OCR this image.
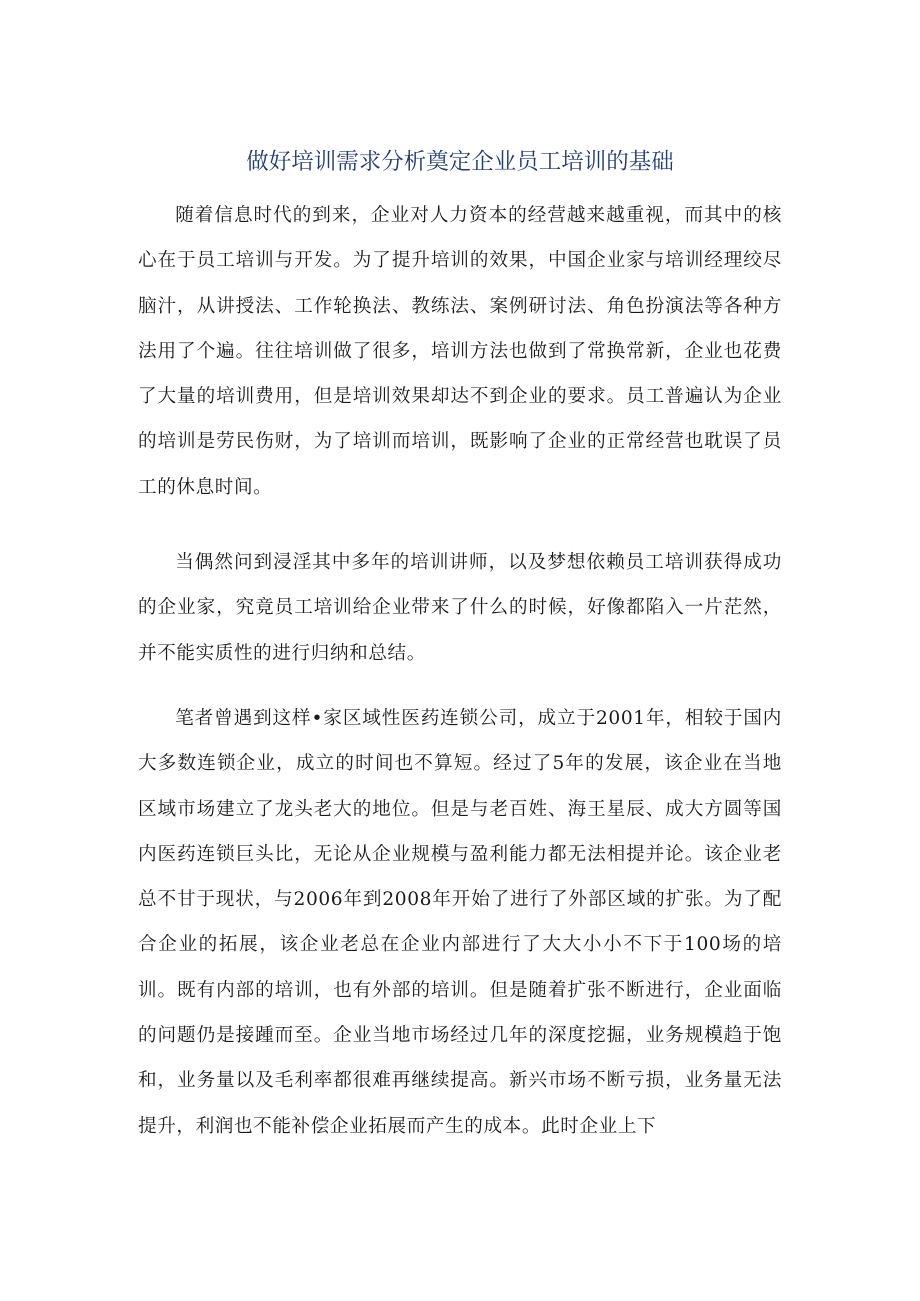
做好培训需求分析奠定企业员工培训的基础

随着信息时代的到来，企业对人力资本的经营越来越重视，而其中的核心在于员工培训与开发。为了提升培训的效果，中国企业家与培训经理绞尽脑汁，从讲授法、工作轮换法、教练法、案例研讨法、角色扮演法等各种方法用了个遍。往往培训做了很多，培训方法也做到了常换常新，企业也花费了大量的培训费用，但是培训效果却达不到企业的要求。员工普遍认为企业的培训是劳民伤财，为了培训而培训，既影响了企业的正常经营也耽误了员工的休息时间。

当偶然问到浸淫其中多年的培训讲师，以及梦想依赖员工培训获得成功的企业家，究竟员工培训给企业带来了什么的时候，好像都陷入一片茫然，并不能实质性的进行归纳和总结。

笔者曾遇到这样•家区域性医药连锁公司，成立于2001年，相较于国内大多数连锁企业，成立的时间也不算短。经过了5年的发展，该企业在当地区域市场建立了龙头老大的地位。但是与老百姓、海王星辰、成大方圆等国内医药连锁巨头比，无论从企业规模与盈利能力都无法相提并论。该企业老总不甘于现状，与2006年到2008年开始了进行了外部区域的扩张。为了配合企业的拓展，该企业老总在企业内部进行了大大小小不下于100场的培训。既有内部的培训，也有外部的培训。但是随着扩张不断进行，企业面临的问题仍是接踵而至。企业当地市场经过几年的深度挖掘，业务规模趋于饱和，业务量以及毛利率都很难再继续提高。新兴市场不断亏损，业务量无法提升，利润也不能补偿企业拓展而产生的成本。此时企业上下
